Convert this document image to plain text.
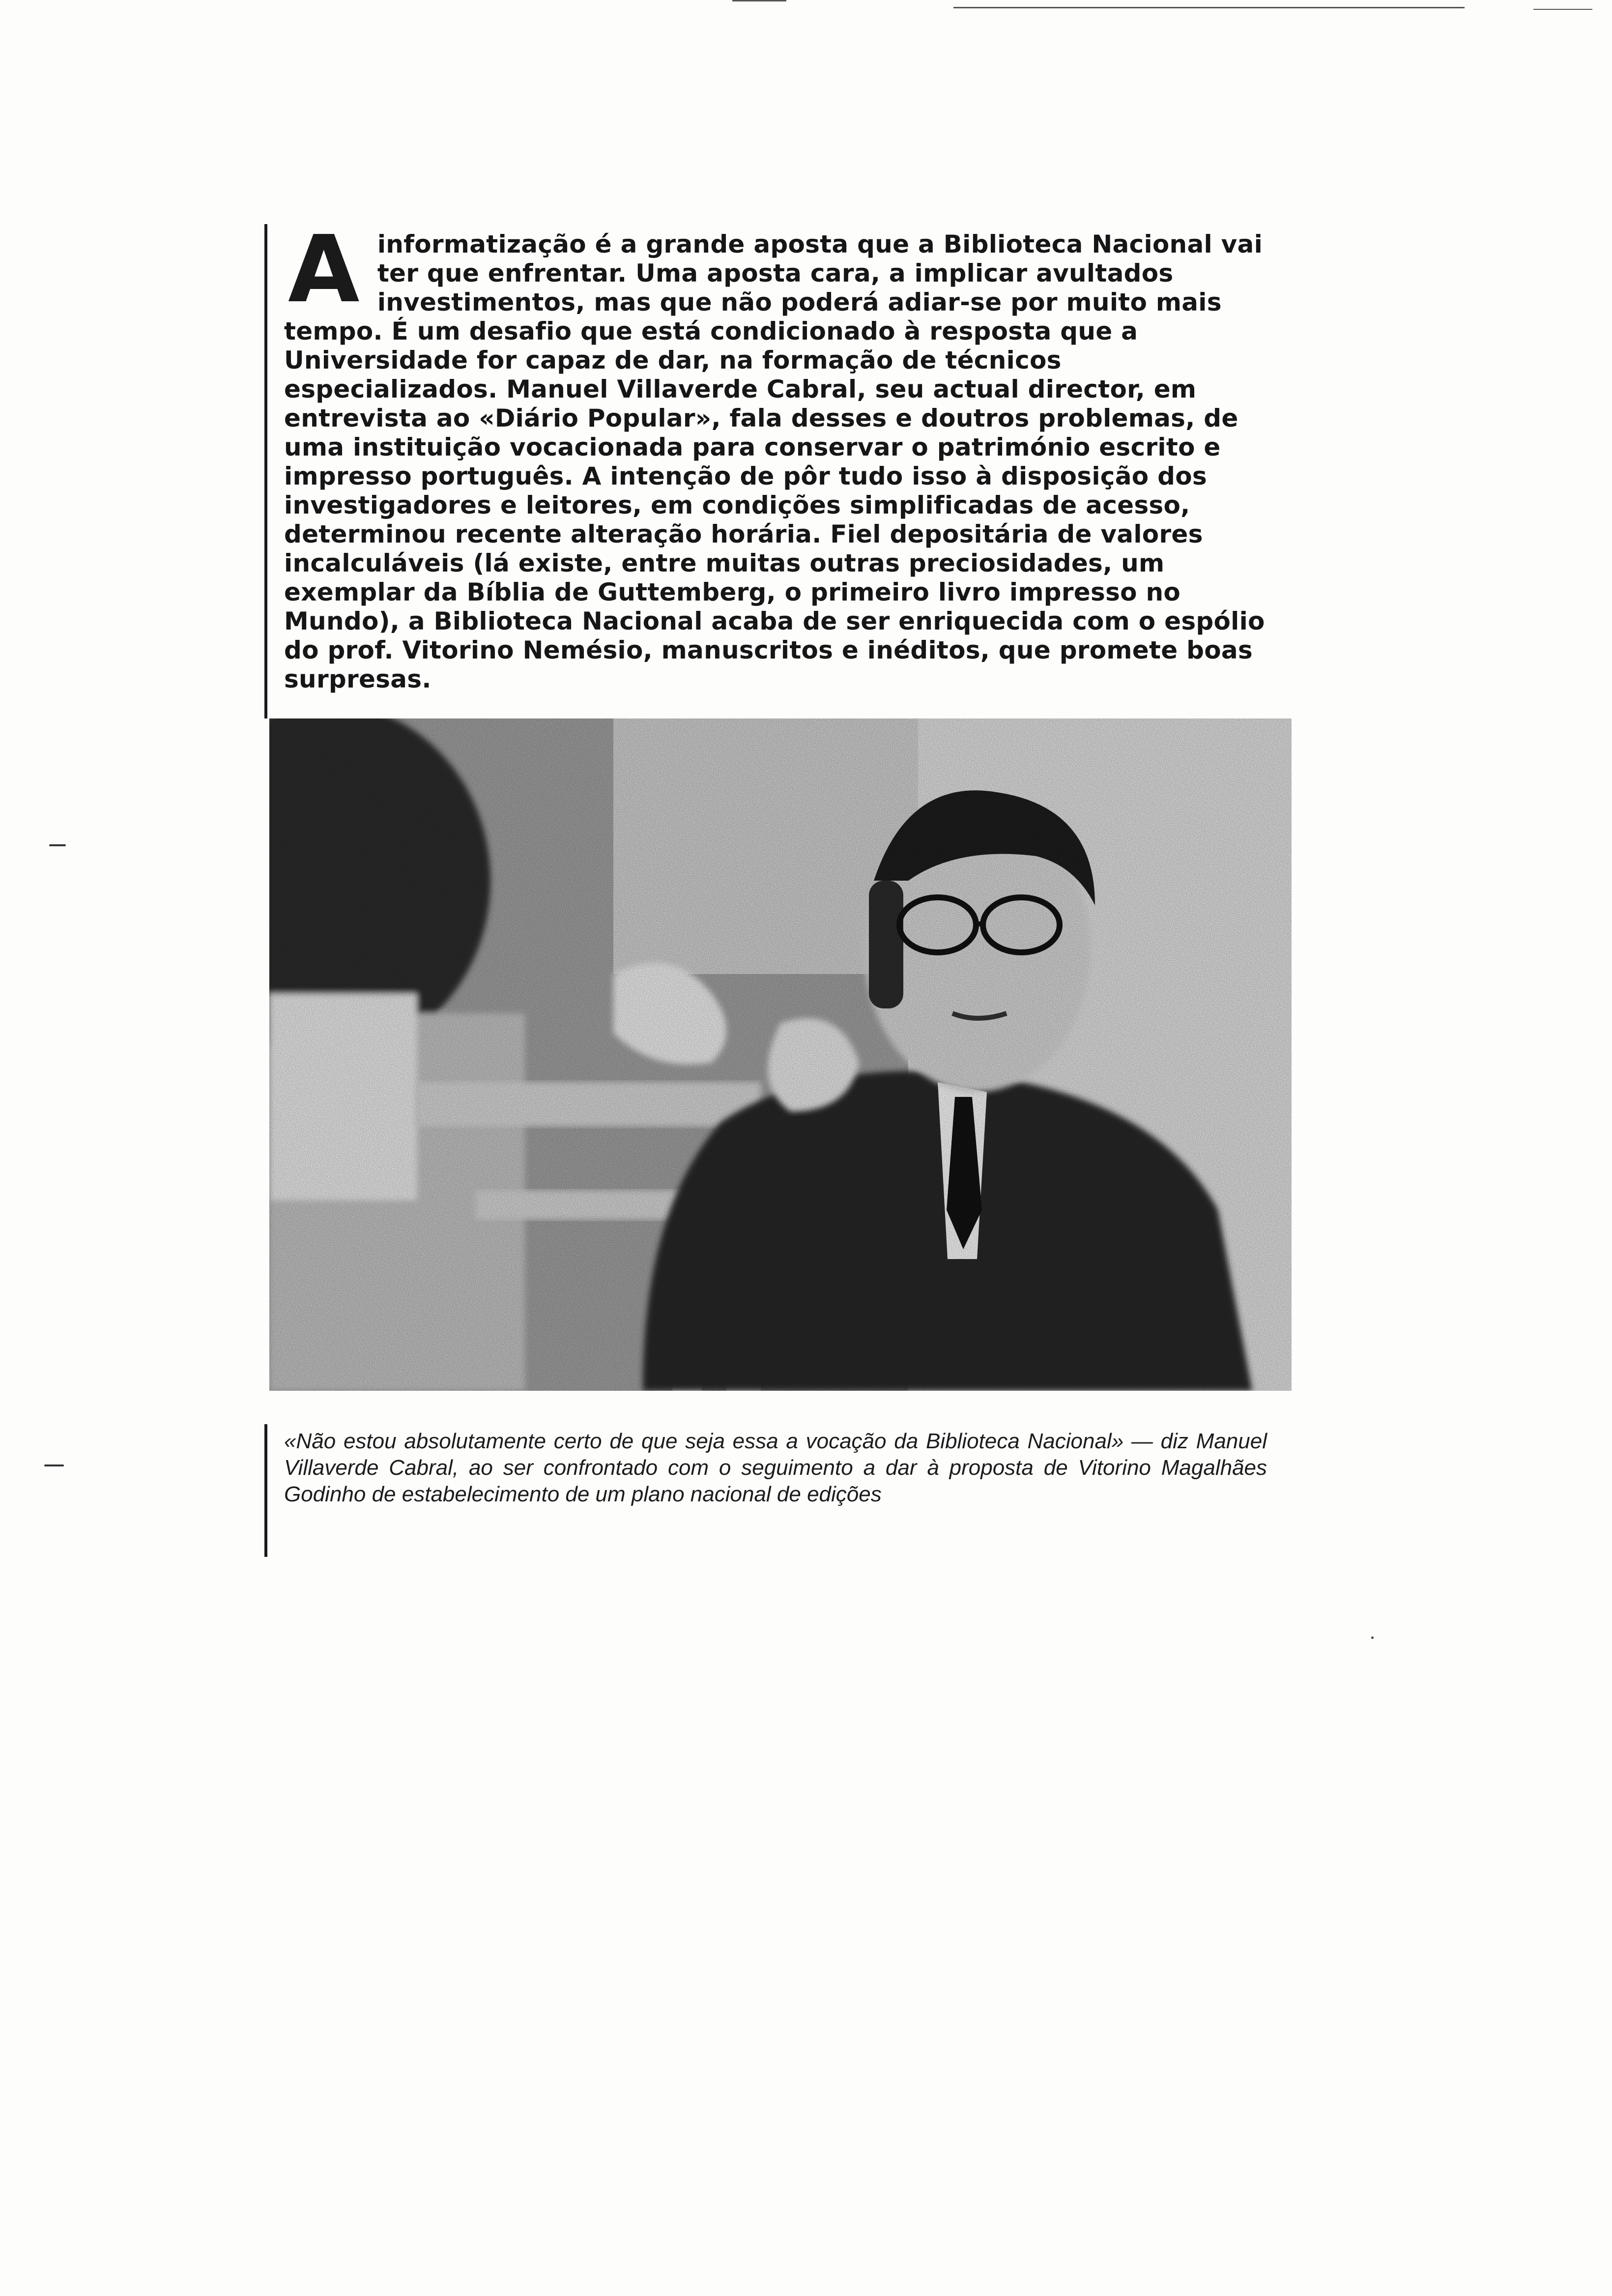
A informatização é a grande aposta que a Biblioteca Nacional vai ter que enfrentar. Uma aposta cara, a implicar avultados investimentos, mas que não poderá adiar-se por muito mais tempo. É um desafio que está condicionado à resposta que a Universidade for capaz de dar, na formação de técnicos especializados. Manuel Villaverde Cabral, seu actual director, em entrevista ao «Diário Popular», fala desses e doutros problemas, de uma instituição vocacionada para conservar o património escrito e impresso português. A intenção de pôr tudo isso à disposição dos investigadores e leitores, em condições simplificadas de acesso, determinou recente alteração horária. Fiel depositária de valores incalculáveis (lá existe, entre muitas outras preciosidades, um exemplar da Bíblia de Guttemberg, o primeiro livro impresso no Mundo), a Biblioteca Nacional acaba de ser enriquecida com o espólio do prof. Vitorino Nemésio, manuscritos e inéditos, que promete boas surpresas.

«Não estou absolutamente certo de que seja essa a vocação da Biblioteca Nacional» — diz Manuel Villaverde Cabral, ao ser confrontado com o seguimento a dar à proposta de Vitorino Magalhães Godinho de estabelecimento de um plano nacional de edições
